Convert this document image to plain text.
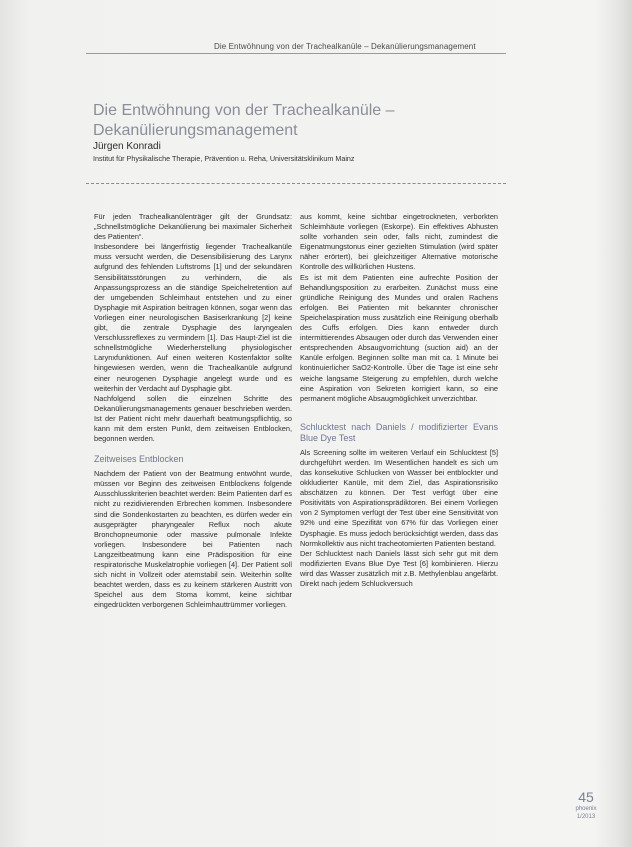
Die Entwöhnung von der Trachealkanüle – Dekanülierungsmanagement
Die Entwöhnung von der Trachealkanüle – Dekanülierungsmanagement
Jürgen Konradi
Institut für Physikalische Therapie, Prävention u. Reha, Universitätsklinikum Mainz

Für jeden Trachealkanülenträger gilt der Grundsatz: „Schnellstmögliche Dekanülierung bei maximaler Sicherheit des Patienten“.

Insbesondere bei längerfristig liegender Trachealkanüle muss versucht werden, die Desensibilisierung des Larynx aufgrund des fehlenden Luftstroms [1] und der sekundären Sensibilitätsstörungen zu verhindern, die als Anpassungsprozess an die ständige Speichelretention auf der umgebenden Schleimhaut entstehen und zu einer Dysphagie mit Aspiration beitragen können, sogar wenn das Vorliegen einer neurologischen Basiserkrankung [2] keine gibt, die zentrale Dysphagie des laryngealen Verschlussreflexes zu vermindern [1]. Das Haupt-Ziel ist die schnellstmögliche Wiederherstellung physiologischer Larynxfunktionen. Auf einen weiteren Kostenfaktor sollte hingewiesen werden, wenn die Trachealkanüle aufgrund einer neurogenen Dysphagie angelegt wurde und es weiterhin der Verdacht auf Dysphagie gibt.

Nachfolgend sollen die einzelnen Schritte des Dekanülierungsmanagements genauer beschrieben werden. Ist der Patient nicht mehr dauerhaft beatmungspflichtig, so kann mit dem ersten Punkt, dem zeitweisen Entblocken, begonnen werden.

Zeitweises Entblocken

Nachdem der Patient von der Beatmung entwöhnt wurde, müssen vor Beginn des zeitweisen Entblockens folgende Ausschlusskriterien beachtet werden: Beim Patienten darf es nicht zu rezidivierenden Erbrechen kommen. Insbesondere sind die Sondenkostarten zu beachten, es dürfen weder ein ausgeprägter pharyngealer Reflux noch akute Bronchopneumonie oder massive pulmonale Infekte vorliegen. Insbesondere bei Patienten nach Langzeitbeatmung kann eine Prädisposition für eine respiratorische Muskelatrophie vorliegen [4]. Der Patient soll sich nicht in Vollzeit oder atemstabil sein. Weiterhin sollte beachtet werden, dass es zu keinem stärkeren Austritt von Speichel aus dem Stoma kommt, keine sichtbar eingedrückten verborgenen Schleimhauttrümmer vorliegen.

aus kommt, keine sichtbar eingetrockneten, verborkten Schleimhäute vorliegen (Eskorpe). Ein effektives Abhusten sollte vorhanden sein oder, falls nicht, zumindest die Eigenatmungstonus einer gezielten Stimulation (wird später näher erörtert), bei gleichzeitiger Alternative motorische Kontrolle des willkürlichen Hustens.

Es ist mit dem Patienten eine aufrechte Position der Behandlungsposition zu erarbeiten. Zunächst muss eine gründliche Reinigung des Mundes und oralen Rachens erfolgen. Bei Patienten mit bekannter chronischer Speichelaspiration muss zusätzlich eine Reinigung oberhalb des Cuffs erfolgen. Dies kann entweder durch intermittierendes Absaugen oder durch das Verwenden einer entsprechenden Absaugvorrichtung (suction aid) an der Kanüle erfolgen. Beginnen sollte man mit ca. 1 Minute bei kontinuierlicher SaO2-Kontrolle. Über die Tage ist eine sehr weiche langsame Steigerung zu empfehlen, durch welche eine Aspiration von Sekreten korrigiert kann, so eine permanent mögliche Absaugmöglichkeit unverzichtbar.

Schlucktest nach Daniels / modifizierter Evans Blue Dye Test

Als Screening sollte im weiteren Verlauf ein Schlucktest [5] durchgeführt werden. Im Wesentlichen handelt es sich um das konsekutive Schlucken von Wasser bei entblockter und okkludierter Kanüle, mit dem Ziel, das Aspirationsrisiko abschätzen zu können. Der Test verfügt über eine Positivitäts von Aspirationsprädiktoren. Bei einem Vorliegen von 2 Symptomen verfügt der Test über eine Sensitivität von 92% und eine Spezifität von 67% für das Vorliegen einer Dysphagie. Es muss jedoch berücksichtigt werden, dass das Normkollektiv aus nicht tracheotomierten Patienten bestand.

Der Schlucktest nach Daniels lässt sich sehr gut mit dem modifizierten Evans Blue Dye Test [6] kombinieren. Hierzu wird das Wasser zusätzlich mit z.B. Methylenblau angefärbt. Direkt nach jedem Schluckversuch

45
phoenix
1/2013
